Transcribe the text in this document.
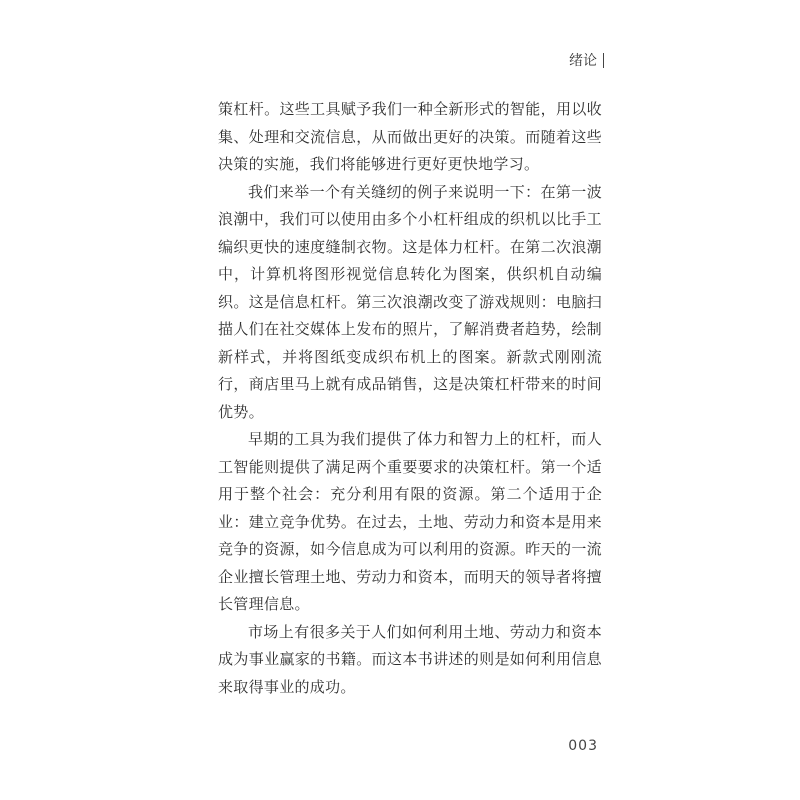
绪论

策杠杆。这些工具赋予我们一种全新形式的智能，用以收集、处理和交流信息，从而做出更好的决策。而随着这些决策的实施，我们将能够进行更好更快地学习。

我们来举一个有关缝纫的例子来说明一下：在第一波浪潮中，我们可以使用由多个小杠杆组成的织机以比手工编织更快的速度缝制衣物。这是体力杠杆。在第二次浪潮中，计算机将图形视觉信息转化为图案，供织机自动编织。这是信息杠杆。第三次浪潮改变了游戏规则：电脑扫描人们在社交媒体上发布的照片，了解消费者趋势，绘制新样式，并将图纸变成织布机上的图案。新款式刚刚流行，商店里马上就有成品销售，这是决策杠杆带来的时间优势。

早期的工具为我们提供了体力和智力上的杠杆，而人工智能则提供了满足两个重要要求的决策杠杆。第一个适用于整个社会：充分利用有限的资源。第二个适用于企业：建立竞争优势。在过去，土地、劳动力和资本是用来竞争的资源，如今信息成为可以利用的资源。昨天的一流企业擅长管理土地、劳动力和资本，而明天的领导者将擅长管理信息。

市场上有很多关于人们如何利用土地、劳动力和资本成为事业赢家的书籍。而这本书讲述的则是如何利用信息来取得事业的成功。

003
